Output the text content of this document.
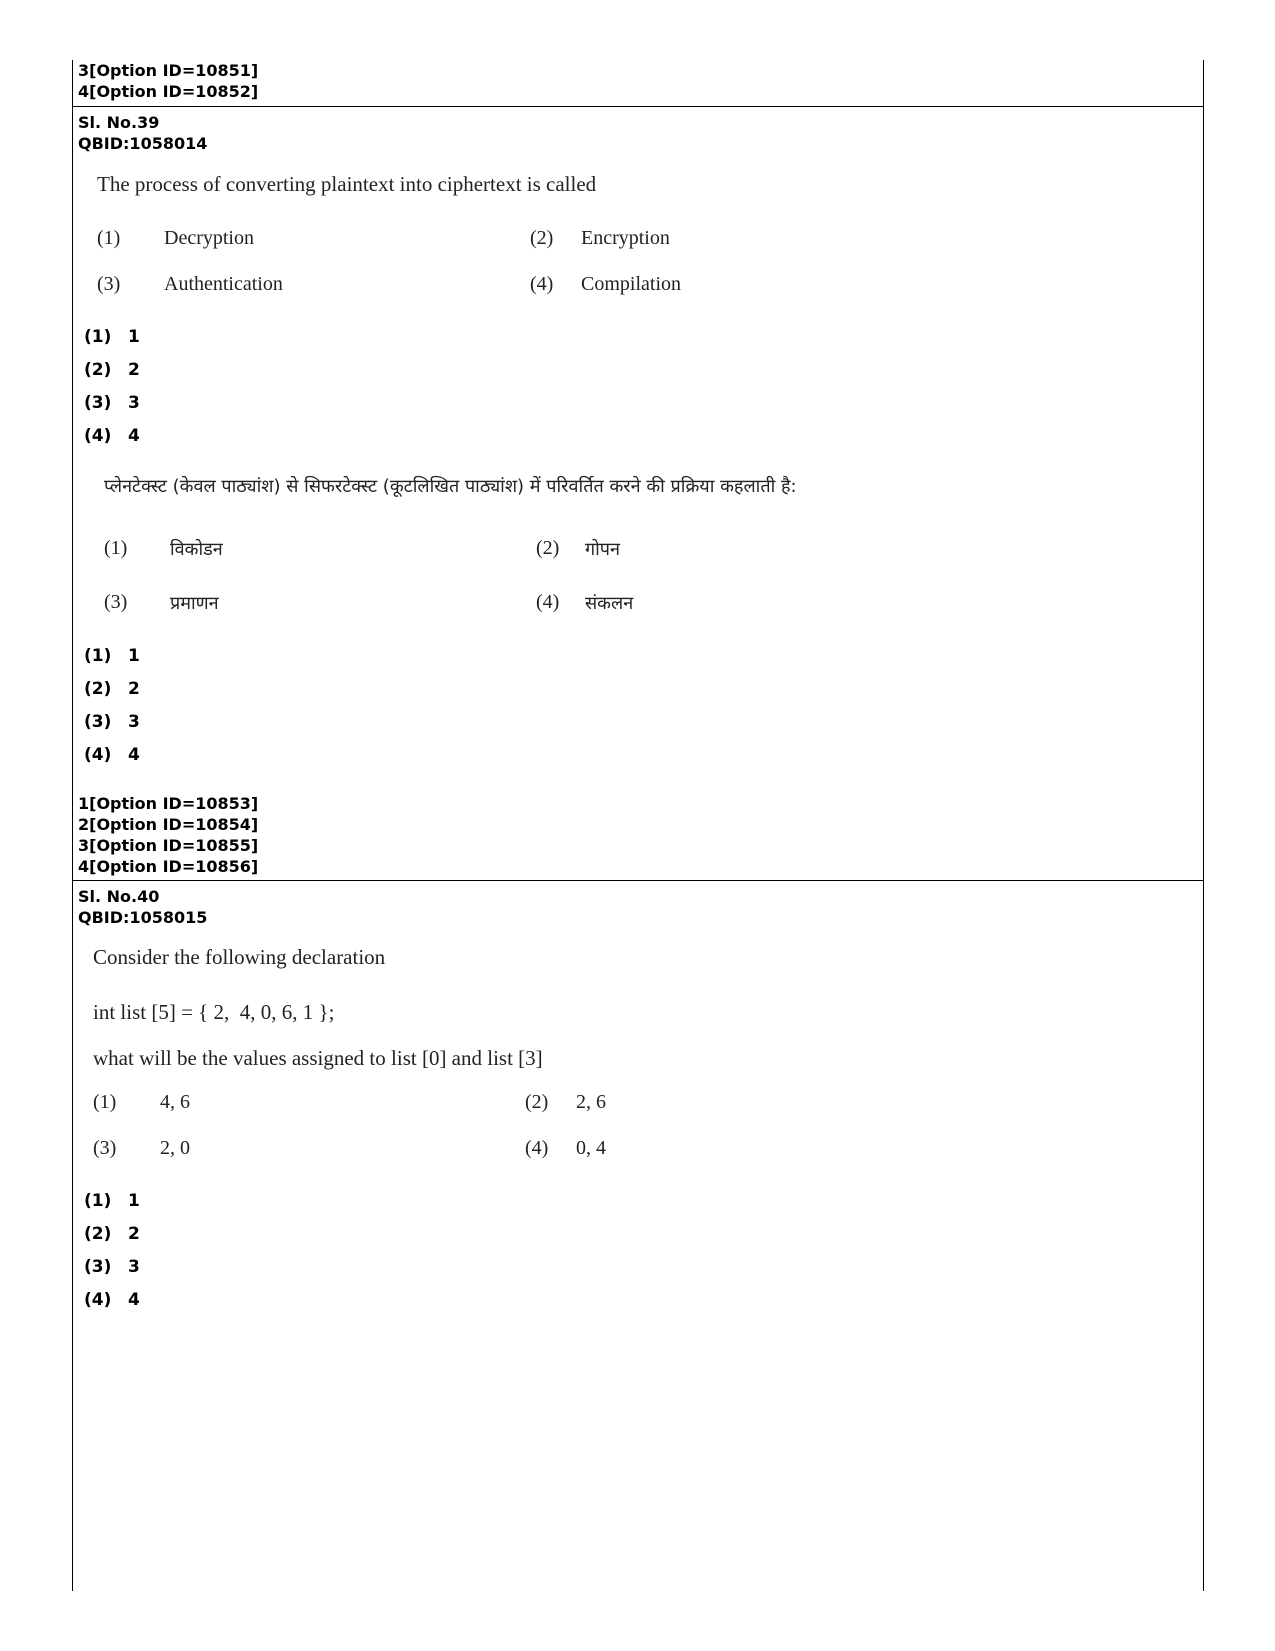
3[Option ID=10851]
4[Option ID=10852]
Sl. No.39
QBID:1058014
The process of converting plaintext into ciphertext is called
(1) Decryption	(2) Encryption
(3) Authentication	(4) Compilation
(1) 1
(2) 2
(3) 3
(4) 4
प्लेनटेक्स्ट (केवल पाठ्यांश) से सिफरटेक्स्ट (कूटलिखित पाठ्यांश) में परिवर्तित करने की प्रक्रिया कहलाती है:
(1) विकोडन	(2) गोपन
(3) प्रमाणन	(4) संकलन
(1) 1
(2) 2
(3) 3
(4) 4
1[Option ID=10853]
2[Option ID=10854]
3[Option ID=10855]
4[Option ID=10856]
Sl. No.40
QBID:1058015
Consider the following declaration
int list [5] = { 2,  4, 0, 6, 1 };
what will be the values assigned to list [0] and list [3]
(1) 4, 6	(2) 2, 6
(3) 2, 0	(4) 0, 4
(1) 1
(2) 2
(3) 3
(4) 4
